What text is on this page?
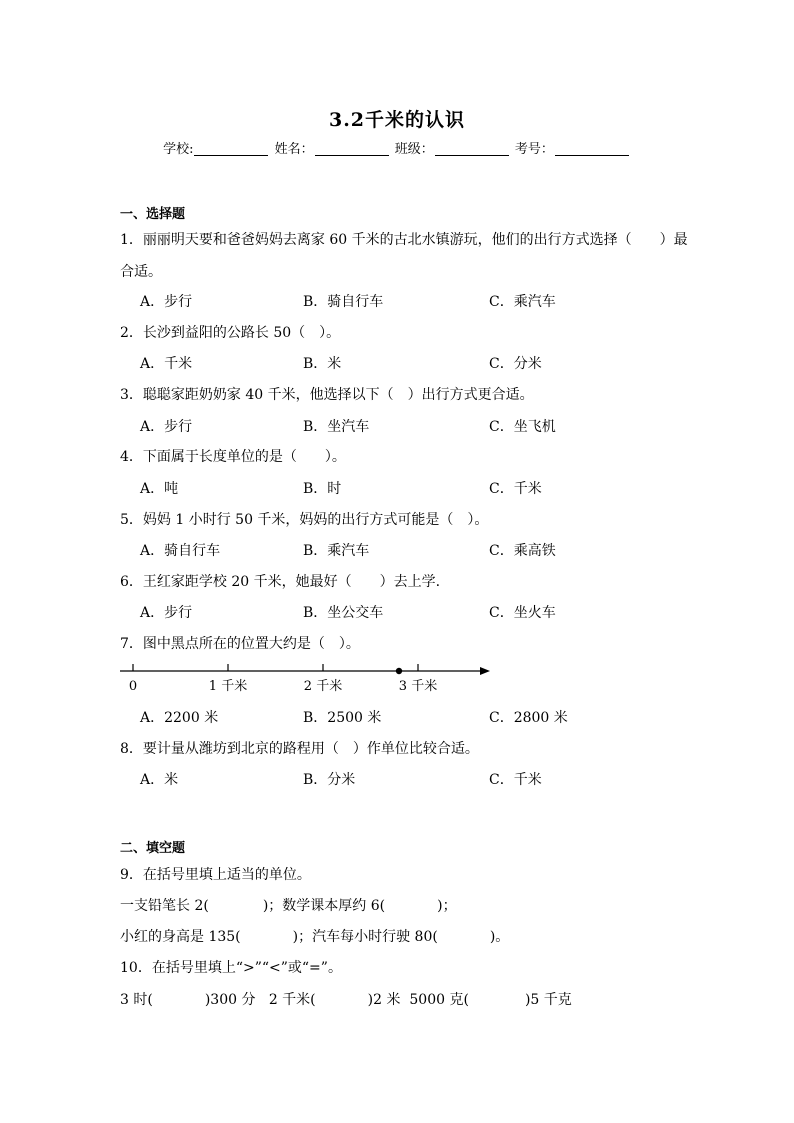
3.2千米的认识
学校:	姓名：	班级：	考号：
一、选择题
1．丽丽明天要和爸爸妈妈去离家 60 千米的古北水镇游玩，他们的出行方式选择（　　）最
合适。
A．步行	B．骑自行车	C．乘汽车
2．长沙到益阳的公路长 50（　）。
A．千米	B．米	C．分米
3．聪聪家距奶奶家 40 千米，他选择以下（　）出行方式更合适。
A．步行	B．坐汽车	C．坐飞机
4．下面属于长度单位的是（　　）。
A．吨	B．时	C．千米
5．妈妈 1 小时行 50 千米，妈妈的出行方式可能是（　）。
A．骑自行车	B．乘汽车	C．乘高铁
6．王红家距学校 20 千米，她最好（　　）去上学.
A．步行	B．坐公交车	C．坐火车
7．图中黑点所在的位置大约是（　）。
0	1 千米	2 千米	3 千米
A．2200 米	B．2500 米	C．2800 米
8．要计量从潍坊到北京的路程用（　）作单位比较合适。
A．米	B．分米	C．千米
二、填空题
9．在括号里填上适当的单位。
一支铅笔长 2(	)；数学课本厚约 6(	)；
小红的身高是 135(	)；汽车每小时行驶 80(	)。
10．在括号里填上“>”“<”或“=”。
3 时(	)300 分 2 千米(	)2 米 5000 克(	)5 千克
